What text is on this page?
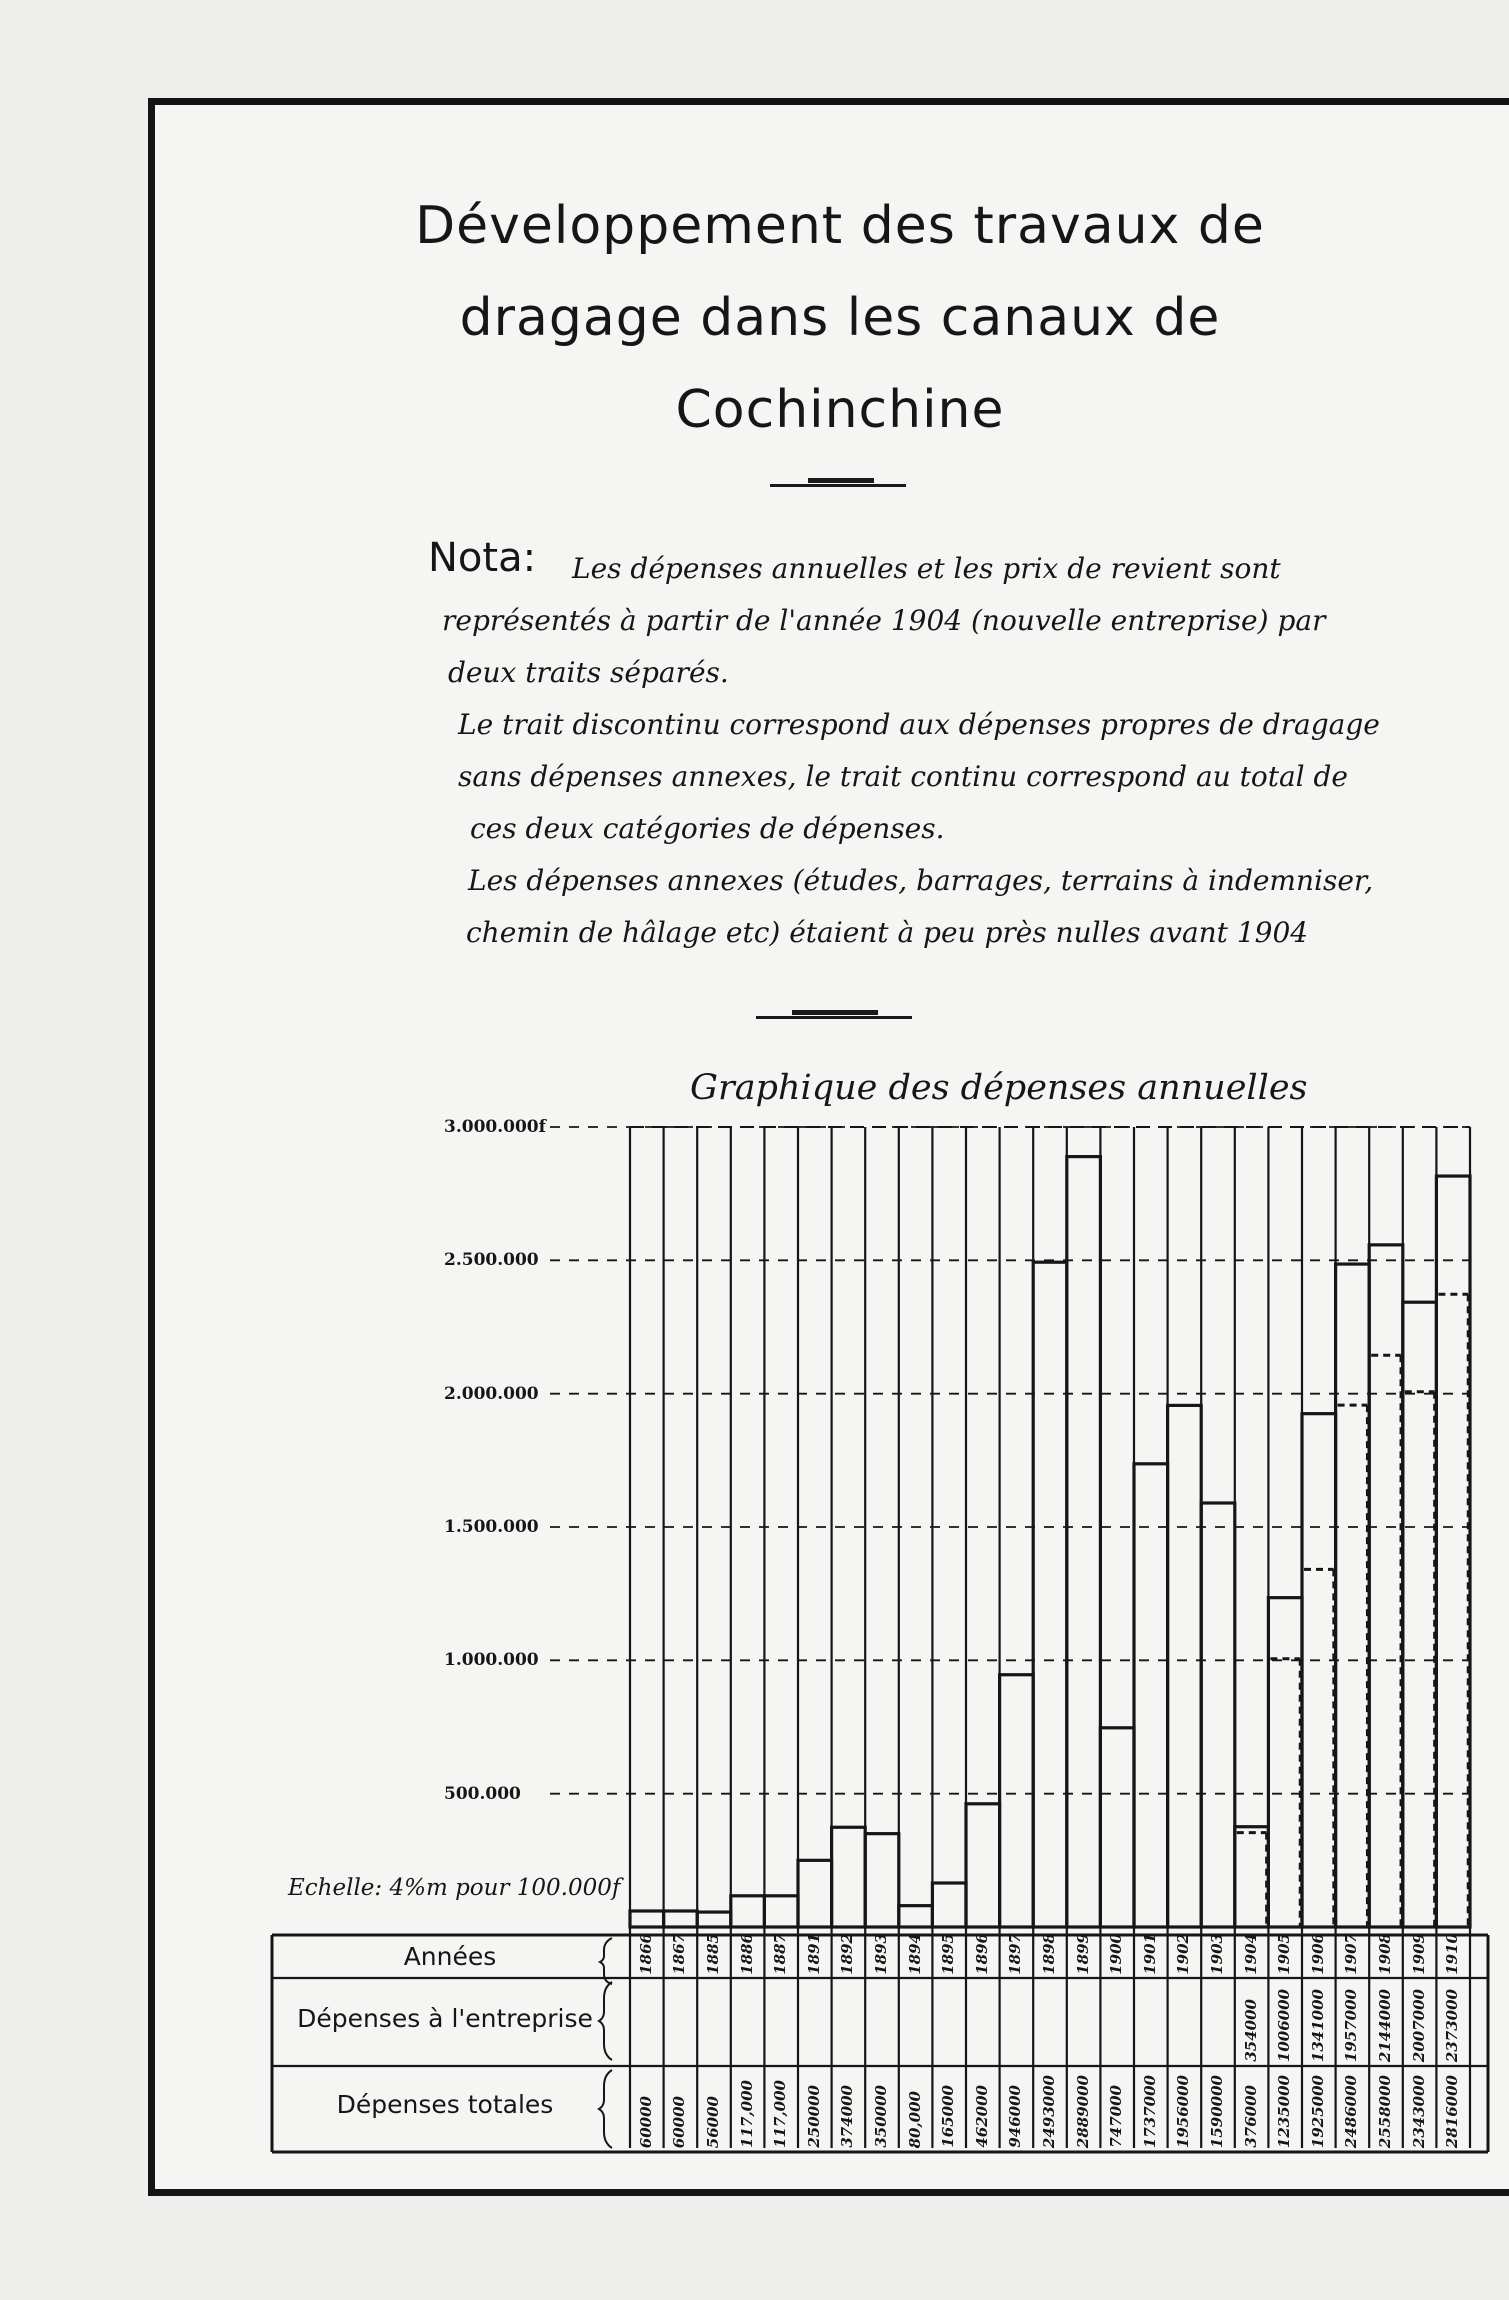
Développement des travaux de
dragage dans les canaux de
Cochinchine
Nota: Les dépenses annuelles et les prix de revient sont
représentés à partir de l'année 1904 (nouvelle entreprise) par
deux traits séparés.
Le trait discontinu correspond aux dépenses propres de dragage
sans dépenses annexes, le trait continu correspond au total de
ces deux catégories de dépenses.
Les dépenses annexes (études, barrages, terrains à indemniser,
chemin de hâlage etc) étaient à peu près nulles avant 1904
Graphique des dépenses annuelles
3.000.000f
2.500.000
2.000.000
1.500.000
1.000.000
500.000
Echelle: 4%m pour 100.000f
Années
Dépenses à l'entreprise
Dépenses totales
1866
60000
1867
60000
1885
56000
1886
117,000
1887
117,000
1891
250000
1892
374000
1893
350000
1894
80,000
1895
165000
1896
462000
1897
946000
1898
2493000
1899
2889000
1900
747000
1901
1737000
1902
1956000
1903
1590000
1904
354000
376000
1905
1006000
1235000
1906
1341000
1925000
1907
1957000
2486000
1908
2144000
2558000
1909
2007000
2343000
1910
2373000
2816000
